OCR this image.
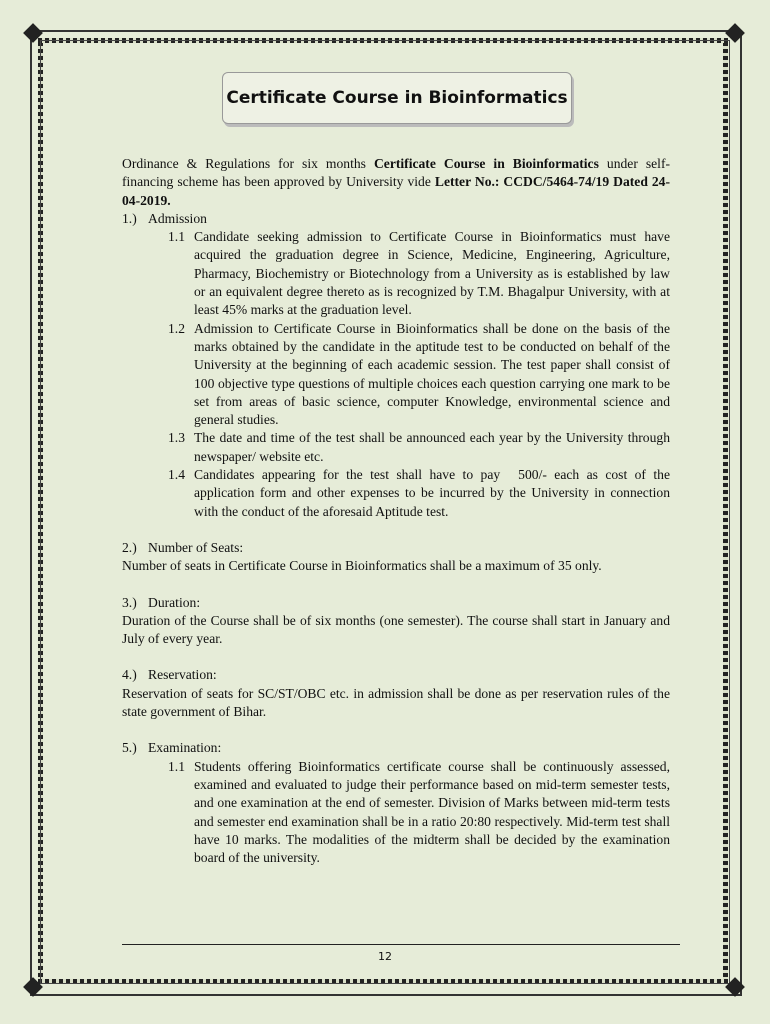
Certificate Course in Bioinformatics

Ordinance & Regulations for six months Certificate Course in Bioinformatics under self-financing scheme has been approved by University vide Letter No.: CCDC/5464-74/19 Dated 24-04-2019.

1.) Admission
1.1 Candidate seeking admission to Certificate Course in Bioinformatics must have acquired the graduation degree in Science, Medicine, Engineering, Agriculture, Pharmacy, Biochemistry or Biotechnology from a University as is established by law or an equivalent degree thereto as is recognized by T.M. Bhagalpur University, with at least 45% marks at the graduation level.
1.2 Admission to Certificate Course in Bioinformatics shall be done on the basis of the marks obtained by the candidate in the aptitude test to be conducted on behalf of the University at the beginning of each academic session. The test paper shall consist of 100 objective type questions of multiple choices each question carrying one mark to be set from areas of basic science, computer Knowledge, environmental science and general studies.
1.3 The date and time of the test shall be announced each year by the University through newspaper/ website etc.
1.4 Candidates appearing for the test shall have to pay 500/- each as cost of the application form and other expenses to be incurred by the University in connection with the conduct of the aforesaid Aptitude test.
2.) Number of Seats:

Number of seats in Certificate Course in Bioinformatics shall be a maximum of 35 only.

3.) Duration:

Duration of the Course shall be of six months (one semester). The course shall start in January and July of every year.

4.) Reservation:

Reservation of seats for SC/ST/OBC etc. in admission shall be done as per reservation rules of the state government of Bihar.

5.) Examination:
1.1 Students offering Bioinformatics certificate course shall be continuously assessed, examined and evaluated to judge their performance based on mid-term semester tests, and one examination at the end of semester. Division of Marks between mid-term tests and semester end examination shall be in a ratio 20:80 respectively. Mid-term test shall have 10 marks. The modalities of the midterm shall be decided by the examination board of the university.
12
